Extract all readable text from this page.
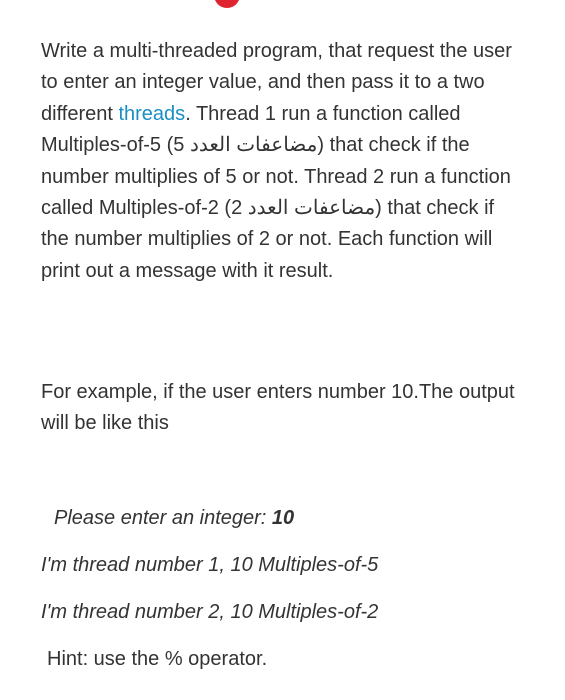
Write a multi-threaded program, that request the user to enter an integer value, and then pass it to a two different threads. Thread 1 run a function called Multiples-of-5 (مضاعفات العدد 5) that check if the number multiplies of 5 or not. Thread 2 run a function called Multiples-of-2 (مضاعفات العدد 2) that check if the number multiplies of 2 or not. Each function will print out a message with it result.

For example, if the user enters number 10.The output will be like this

Please enter an integer: 10

I'm thread number 1, 10 Multiples-of-5

I'm thread number 2, 10 Multiples-of-2

Hint: use the % operator.
